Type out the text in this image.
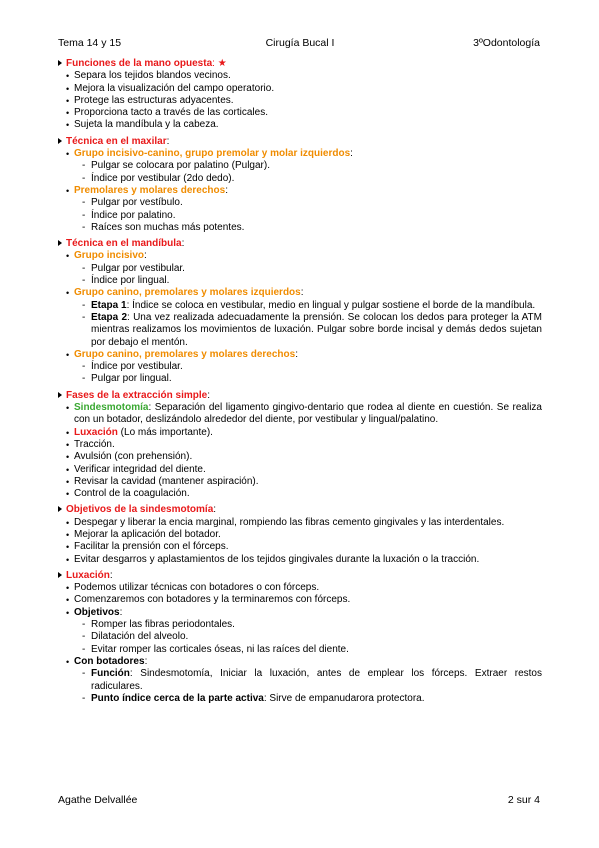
Tema 14 y 15	Cirugía Bucal I	3ºOdontología
Funciones de la mano opuesta: ★
• Separa los tejidos blandos vecinos.
• Mejora la visualización del campo operatorio.
• Protege las estructuras adyacentes.
• Proporciona tacto a través de las corticales.
• Sujeta la mandíbula y la cabeza.
Técnica en el maxilar:
• Grupo incisivo-canino, grupo premolar y molar izquierdos:
- Pulgar se colocara por palatino (Pulgar).
- Índice por vestibular (2do dedo).
• Premolares y molares derechos:
- Pulgar por vestíbulo.
- Índice por palatino.
- Raíces son muchas más potentes.
Técnica en el mandíbula:
• Grupo incisivo:
- Pulgar por vestibular.
- Índice por lingual.
• Grupo canino, premolares y molares izquierdos:
- Etapa 1: Índice se coloca en vestibular, medio en lingual y pulgar sostiene el borde de la mandíbula.
- Etapa 2: Una vez realizada adecuadamente la prensión. Se colocan los dedos para proteger la ATM mientras realizamos los movimientos de luxación. Pulgar sobre borde incisal y demás dedos sujetan por debajo el mentón.
• Grupo canino, premolares y molares derechos:
- Índice por vestibular.
- Pulgar por lingual.
Fases de la extracción simple:
• Sindesmotomía: Separación del ligamento gingivo-dentario que rodea al diente en cuestión. Se realiza con un botador, deslizándolo alrededor del diente, por vestibular y lingual/palatino.
• Luxación (Lo más importante).
• Tracción.
• Avulsión (con prehensión).
• Verificar integridad del diente.
• Revisar la cavidad (mantener aspiración).
• Control de la coagulación.
Objetivos de la sindesmotomía:
• Despegar y liberar la encia marginal, rompiendo las fibras cemento gingivales y las interdentales.
• Mejorar la aplicación del botador.
• Facilitar la prensión con el fórceps.
• Evitar desgarros y aplastamientos de los tejidos gingivales durante la luxación o la tracción.
Luxación:
• Podemos utilizar técnicas con botadores o con fórceps.
• Comenzaremos con botadores y la terminaremos con fórceps.
• Objetivos:
- Romper las fibras periodontales.
- Dilatación del alveolo.
- Evitar romper las corticales óseas, ni las raíces del diente.
• Con botadores:
- Función: Sindesmotomía, Iniciar la luxación, antes de emplear los fórceps. Extraer restos radiculares.
- Punto índice cerca de la parte activa: Sirve de empanudarora protectora.
Agathe Delvallée	2 sur 4
